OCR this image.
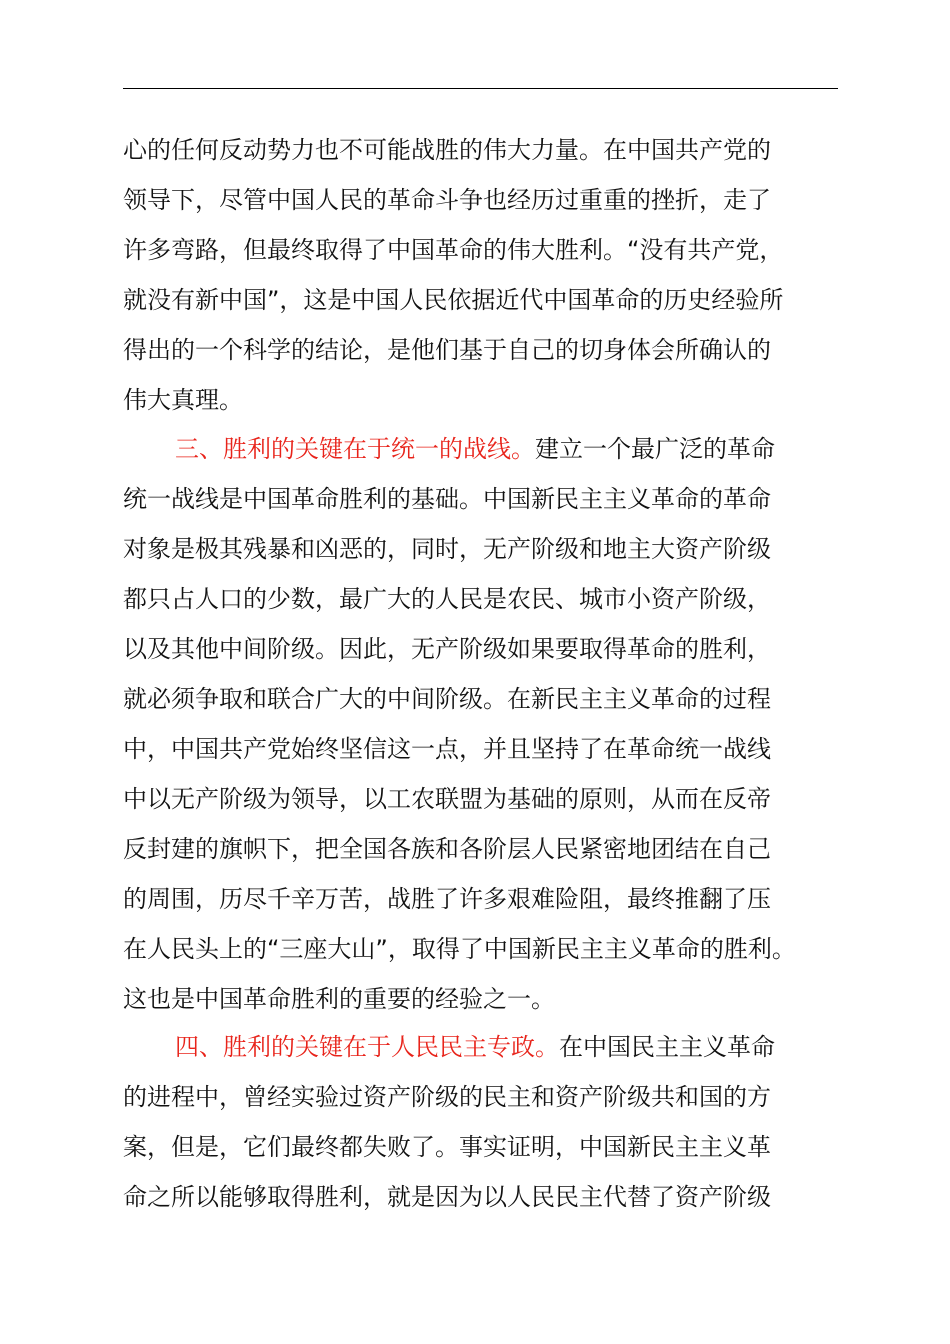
心的任何反动势力也不可能战胜的伟大力量。在中国共产党的
领导下，尽管中国人民的革命斗争也经历过重重的挫折，走了
许多弯路，但最终取得了中国革命的伟大胜利。“没有共产党，
就没有新中国”，这是中国人民依据近代中国革命的历史经验所
得出的一个科学的结论，是他们基于自己的切身体会所确认的
伟大真理。
三、胜利的关键在于统一的战线。建立一个最广泛的革命
统一战线是中国革命胜利的基础。中国新民主主义革命的革命
对象是极其残暴和凶恶的，同时，无产阶级和地主大资产阶级
都只占人口的少数，最广大的人民是农民、城市小资产阶级，
以及其他中间阶级。因此，无产阶级如果要取得革命的胜利，
就必须争取和联合广大的中间阶级。在新民主主义革命的过程
中，中国共产党始终坚信这一点，并且坚持了在革命统一战线
中以无产阶级为领导，以工农联盟为基础的原则，从而在反帝
反封建的旗帜下，把全国各族和各阶层人民紧密地团结在自己
的周围，历尽千辛万苦，战胜了许多艰难险阻，最终推翻了压
在人民头上的“三座大山”，取得了中国新民主主义革命的胜利。
这也是中国革命胜利的重要的经验之一。
四、胜利的关键在于人民民主专政。在中国民主主义革命
的进程中，曾经实验过资产阶级的民主和资产阶级共和国的方
案，但是，它们最终都失败了。事实证明，中国新民主主义革
命之所以能够取得胜利，就是因为以人民民主代替了资产阶级
